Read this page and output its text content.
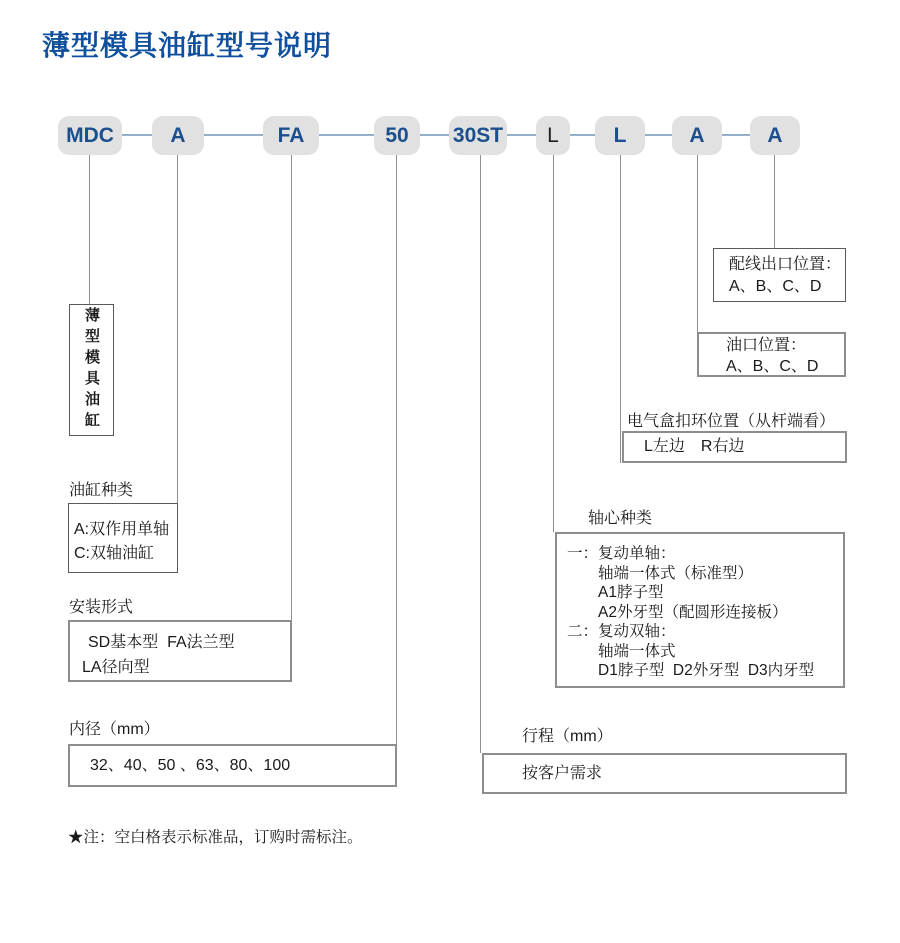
薄型模具油缸型号说明
MDC	A	FA	50	30ST	L	L	A	A
薄型模具油缸
配线出口位置：
A、B、C、D
油口位置：
A、B、C、D
电气盒扣环位置（从杆端看）
L左边　R右边
轴心种类
一：复动单轴：
　　轴端一体式（标准型）
　　A1脖子型
　　A2外牙型（配圆形连接板）
二：复动双轴：
　　轴端一体式
　　D1脖子型  D2外牙型  D3内牙型
油缸种类
A:双作用单轴
C:双轴油缸
安装形式
SD基本型  FA法兰型
LA径向型
内径（mm）
32、40、50 、63、80、100
行程（mm）
按客户需求
★注：空白格表示标准品，订购时需标注。
